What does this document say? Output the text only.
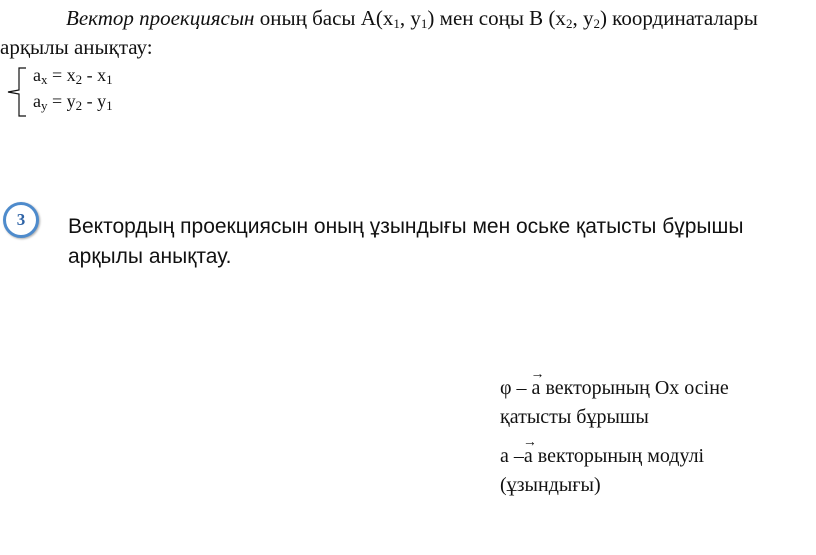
Вектор проекциясын оның басы $А(x_1$, $y_1$) мен соңы В ($x_2$, $y_2$) координаталары
арқылы анықтау:
$a_x = x_2 - x_1$
$a_y = y_2 - y_1$
3	Вектордың проекциясын оның ұзындығы мен оське қатысты бұрышы арқылы анықтау.
φ –
→
a векторының Ох осіне қатысты бұрышы
а –
→
a векторының модулі (ұзындығы)
